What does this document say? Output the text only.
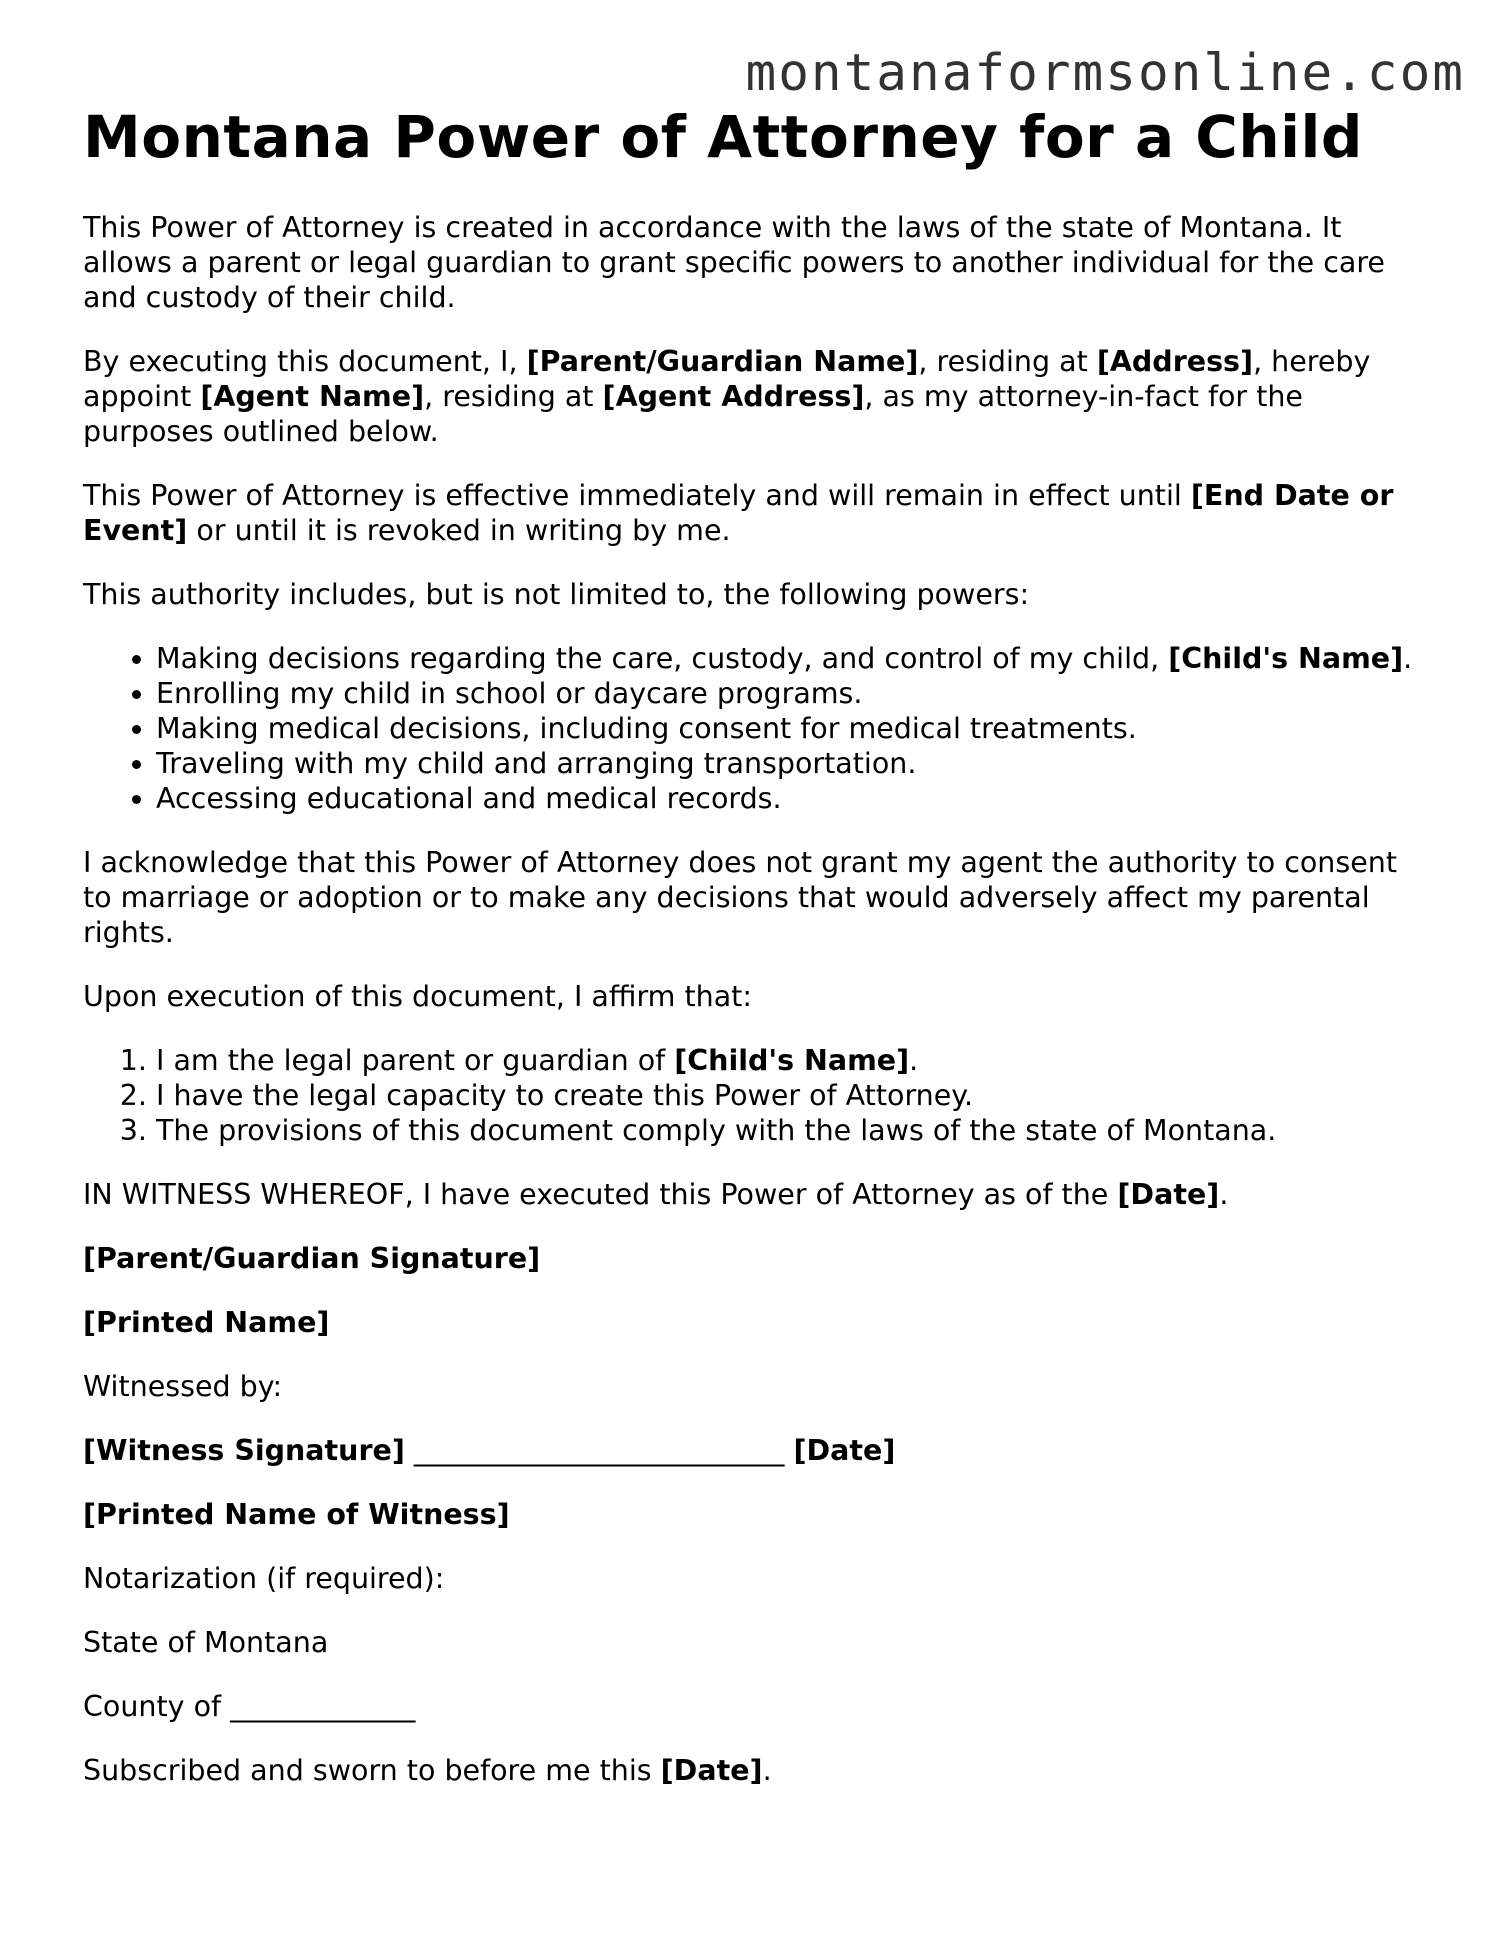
montanaformsonline.com
Montana Power of Attorney for a Child

This Power of Attorney is created in accordance with the laws of the state of Montana. It allows a parent or legal guardian to grant specific powers to another individual for the care and custody of their child.

By executing this document, I, [Parent/Guardian Name], residing at [Address], hereby appoint [Agent Name], residing at [Agent Address], as my attorney-in-fact for the purposes outlined below.

This Power of Attorney is effective immediately and will remain in effect until [End Date or Event] or until it is revoked in writing by me.

This authority includes, but is not limited to, the following powers:

• Making decisions regarding the care, custody, and control of my child, [Child's Name].
• Enrolling my child in school or daycare programs.
• Making medical decisions, including consent for medical treatments.
• Traveling with my child and arranging transportation.
• Accessing educational and medical records.

I acknowledge that this Power of Attorney does not grant my agent the authority to consent to marriage or adoption or to make any decisions that would adversely affect my parental rights.

Upon execution of this document, I affirm that:

1. I am the legal parent or guardian of [Child's Name].
2. I have the legal capacity to create this Power of Attorney.
3. The provisions of this document comply with the laws of the state of Montana.

IN WITNESS WHEREOF, I have executed this Power of Attorney as of the [Date].

[Parent/Guardian Signature]

[Printed Name]

Witnessed by:

[Witness Signature] __________________________ [Date]

[Printed Name of Witness]

Notarization (if required):

State of Montana

County of _____________

Subscribed and sworn to before me this [Date].
